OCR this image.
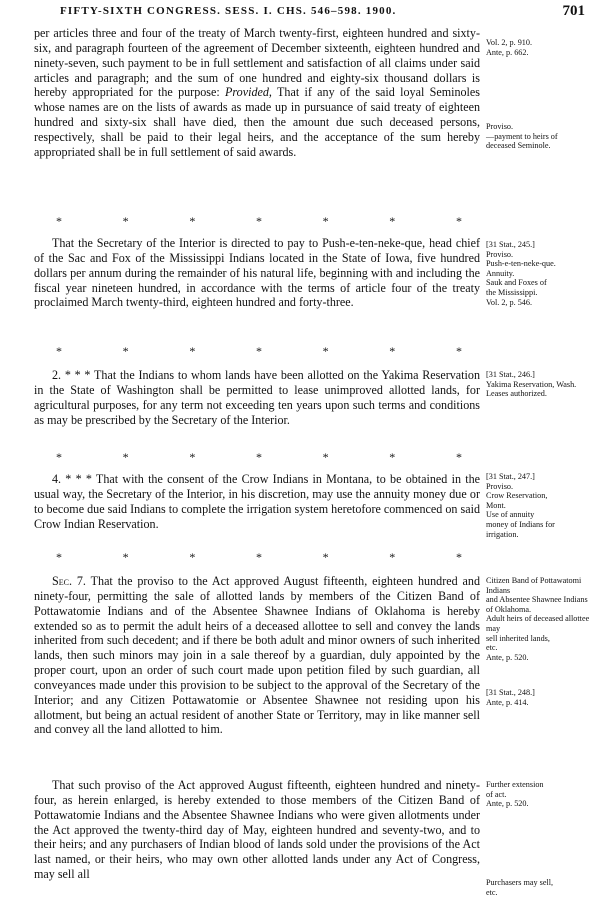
FIFTY-SIXTH CONGRESS. SESS. I. CHS. 546–598. 1900.	701
per articles three and four of the treaty of March twenty-first, eighteen hundred and sixty-six, and paragraph fourteen of the agreement of December sixteenth, eighteen hundred and ninety-seven, such payment to be in full settlement and satisfaction of all claims under said articles and paragraph; and the sum of one hundred and eighty-six thousand dollars is hereby appropriated for the purpose: Provided, That if any of the said loyal Seminoles whose names are on the lists of awards as made up in pursuance of said treaty of eighteen hundred and sixty-six shall have died, then the amount due such deceased persons, respectively, shall be paid to their legal heirs, and the acceptance of the sum hereby appropriated shall be in full settlement of said awards.
*	*	*	*	*	*	*
That the Secretary of the Interior is directed to pay to Push-e-ten-neke-que, head chief of the Sac and Fox of the Mississippi Indians located in the State of Iowa, five hundred dollars per annum during the remainder of his natural life, beginning with and including the fiscal year nineteen hundred, in accordance with the terms of article four of the treaty proclaimed March twenty-third, eighteen hundred and forty-three.
*	*	*	*	*	*	*
2. * * * That the Indians to whom lands have been allotted on the Yakima Reservation in the State of Washington shall be permitted to lease unimproved allotted lands, for agricultural purposes, for any term not exceeding ten years upon such terms and conditions as may be prescribed by the Secretary of the Interior.
*	*	*	*	*	*	*
4. * * * That with the consent of the Crow Indians in Montana, to be obtained in the usual way, the Secretary of the Interior, in his discretion, may use the annuity money due or to become due said Indians to complete the irrigation system heretofore commenced on said Crow Indian Reservation.
*	*	*	*	*	*	*
Sec. 7. That the proviso to the Act approved August fifteenth, eighteen hundred and ninety-four, permitting the sale of allotted lands by members of the Citizen Band of Pottawatomie Indians and of the Absentee Shawnee Indians of Oklahoma is hereby extended so as to permit the adult heirs of a deceased allottee to sell and convey the lands inherited from such decedent; and if there be both adult and minor owners of such inherited lands, then such minors may join in a sale thereof by a guardian, duly appointed by the proper court, upon an order of such court made upon petition filed by such guardian, all conveyances made under this provision to be subject to the approval of the Secretary of the Interior; and any Citizen Pottawatomie or Absentee Shawnee not residing upon his allotment, but being an actual resident of another State or Territory, may in like manner sell and convey all the land allotted to him.
That such proviso of the Act approved August fifteenth, eighteen hundred and ninety-four, as herein enlarged, is hereby extended to those members of the Citizen Band of Pottawatomie Indians and the Absentee Shawnee Indians who were given allotments under the Act approved the twenty-third day of May, eighteen hundred and seventy-two, and to their heirs; and any purchasers of Indian blood of lands sold under the provisions of the Act last named, or their heirs, who may own other allotted lands under any Act of Congress, may sell all
Vol. 2, p. 910.
Ante, p. 662.
Proviso.
—payment to heirs of
deceased Seminole.
[31 Stat., 245.]
Proviso.
Push-e-ten-neke-que.
Annuity.
Sauk and Foxes of
the Mississippi.
Vol. 2, p. 546.
[31 Stat., 246.]
Yakima Reservation, Wash.
Leases authorized.
[31 Stat., 247.]
Proviso.
Crow Reservation,
Mont.
Use of annuity
money of Indians for
irrigation.
Citizen Band of Pottawatomi Indians
and Absentee Shawnee Indians of Oklahoma.
Adult heirs of deceased allottee may
sell inherited lands,
etc.
Ante, p. 520.
[31 Stat., 248.]
Ante, p. 414.
Further extension
of act.
Ante, p. 520.
Purchasers may sell,
etc.
